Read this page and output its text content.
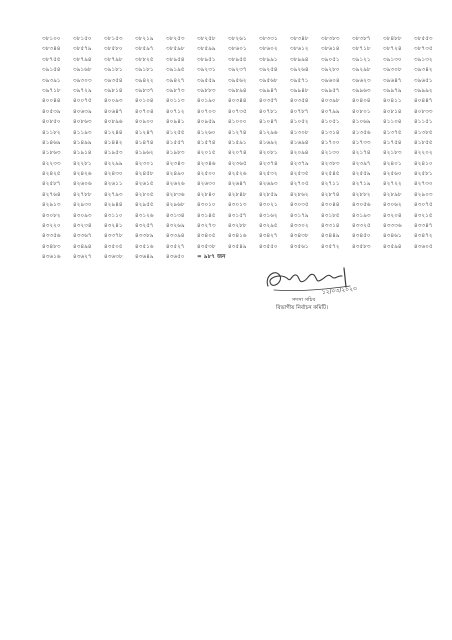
৩৮১০০	৩৮১৫০	৩৮১৫৩	৩৮২১৯	৩৮২৫৩	৩৮২৫৮	৩৮২৬১	৩৮৩৩১	৩৮৩৪৮	৩৮৩৮৩	৩৮৩৮৭	৩৮৪৮৮	৩৮৫৫৩
৩৮৩৪৪	৩৮৫৭৯	৩৮৫৮০	৩৮৫৯৭	৩৮৫৯৮	৩৮৫৯৯	৩৮৬০১	৩৮৬০২	৩৮৬১২	৩৮৬১৪	৩৮৭১৮	৩৮৭২৪	৩৮৭৩৫
৩৮৭৫৫	৩৮৭৯৪	৩৮৭৯৮	৩৮৮২৫	৩৮৯৫৪	৩৮৯৫১	৩৮৯৫৫	৩৮৯৯১	৩৮৯৯৪	৩৯০৫১	৩৯১২১	৩৯১৩০	৩৯১৩২
৩৯১৫৪	৩৯১৬৮	৩৯১৮১	৩৯১৮১	৩৯১৯৫	৩৯২৩১	৩৯২৩৭	৩৯২৫৪	৩৯২৬৪	৩৯২৮০	৩৯২৯৮	৩৯৩০৮	৩৯৩৪২
৩৯৩৯১	৩৯৩০৩	৩৯৩৫৪	৩৯৪২২	৩৯৪২৭	৩৯৫৫৯	৩৯৫৬২	৩৯৫৬৮	৩৯৫৭১	৩৯৬০৪	৩৯৬২৩	৩৯৬৪৭	৩৯৬৫১
৩৯৭১৮	৩৯৭২৯	৩৯৮১৪	৩৯৮৩৭	৩৯৮৭৩	৩৯৮৮৩	৩৯৮৯৪	৩৯৯৪৭	৩৯৯৪৮	৩৯৯৫৭	৩৯৯৬৩	৩৯৯৭৯	৩৯৯৯২
৪০০৪৪	৪০০৭৫	৪০০৯৩	৪০১০৪	৪০১১৩	৪০১৯০	৪০৩৪৪	৪০৩৫৭	৪০৩৫৪	৪০৩৯৮	৪০৪০৪	৪০৪১১	৪০৪৪৭
৪০৫৩৯	৪০৬৩৯	৪০৬৪৭	৪০৭০৪	৪০৭১২	৪০৭০৩	৪০৭৩৫	৪০৭৮১	৪০৭৮৭	৪০৭৯৯	৪০৮০১	৪০৮১৪	৪০৮৩৩
৪০৮৫০	৪০৮৬৩	৪০৮৯৬	৪০৯০০	৪০৯৪১	৪০৯৫৯	৪১০০০	৪১০৪৭	৪১০৫২	৪১০৫১	৪১০৬৯	৪১১০৪	৪১১৫১
৪১১৮২	৪১১৯৩	৪১২৪৪	৪১২৪৭	৪১২৫৫	৪১২৬০	৪১২৭৪	৪১২৯৬	৪১৩০৮	৪১৩১৪	৪১৩৫৬	৪১৩৭৫	৪১৩৮৫
৪১৪৬৯	৪১৪৯৯	৪১৪৪২	৪১৪৭৪	৪১৫৫৭	৪১৫৭৪	৪১৫৯১	৪১৬৯২	৪১৬৯৪	৪১৭০০	৪১৭৩৩	৪১৭৫৪	৪১৮৫৫
৪১৮৬৩	৪১৯১৪	৪১৯৫৩	৪১৯৬২	৪১৯৮৩	৪২০১৫	৪২০৭৪	৪২০৮১	৪২০৯৪	৪২১৩০	৪২১৭৪	৪২১৮৩	৪২২০২
৪২২৩৩	৪২২৮১	৪২২৯৯	৪২৩০১	৪২৩৪৩	৪২৩৪৬	৪২৩৬৫	৪২৩৭৪	৪২৩৭৯	৪২৩৮৩	৪২৩৯৭	৪২৪০১	৪২৪১০
৪২৪২৫	৪২৪২৬	৪২৪৩০	৪২৪৫৮	৪২৪৯০	৪২৫০০	৪২৫২৬	৪২৫৩২	৪২৫৩৫	৪২৫৪৫	৪২৫৫৯	৪২৫৬০	৪২৫৮১
৪২৫৮৭	৪২৬০৬	৪২৬১১	৪২৬১৫	৪২৬২৬	৪২৬৩০	৪২৬৪৭	৪২৬৯৩	৪২৭০৫	৪২৭১১	৪২৭১৯	৪২৭২২	৪২৭৩০
৪২৭৬৪	৪২৭৮৮	৪২৭৯৩	৪২৮০৫	৪২৮৩৬	৪২৮৪০	৪২৮৪৮	৪২৮৫৯	৪২৮৬২	৪২৮৭৪	৪২৮৮২	৪২৮৯৮	৪২৯০৩
৪২৯১৩	৪২৯৩০	৪২৯৪৪	৪২৯৫৫	৪২৯৬৮	৪৩০১০	৪৩০১৩	৪৩০২১	৪৩০৩৫	৪৩০৪৪	৪৩০৫৬	৪৩০৬২	৪৩০৭৫
৪৩০৮২	৪৩০৯৩	৪৩১১০	৪৩১২৬	৪৩১৩৪	৪৩১৪৫	৪৩১৫৭	৪৩১৬২	৪৩১৭৯	৪৩১৮৫	৪৩১৯৩	৪৩২০৪	৪৩২১৫
৪৩২২০	৪৩২৩৪	৪৩২৪১	৪৩২৫৭	৪৩২৬৯	৪৩২৭৩	৪৩২৮৮	৪৩২৯৫	৪৩৩০২	৪৩৩১৪	৪৩৩২৫	৪৩৩৩৬	৪৩৩৪৭
৪৩৩৫৬	৪৩৩৬৭	৪৩৩৭৮	৪৩৩৮৯	৪৩৩৯৪	৪৩৪০৫	৪৩৪১৬	৪৩৪২৭	৪৩৪৩৮	৪৩৪৪৯	৪৩৪৫০	৪৩৪৬১	৪৩৪৭২
৪৩৪৮৩	৪৩৪৯৪	৪৩৫০৫	৪৩৫১৬	৪৩৫২৭	৪৩৫৩৮	৪৩৫৪৯	৪৩৫৫০	৪৩৫৬১	৪৩৫৭২	৪৩৫৮৩	৪৩৫৯৪	৪৩৬০৫
৪৩৬১৬	৪৩৬২৭	৪৩৬৩৮	৪৩৬৪৯	৪৩৬৫০	= ৯৮৭ জন
১২/০৩/২০২৩
সদস্য সচিব
বিভাগীয় নির্বাচন কমিটি।
